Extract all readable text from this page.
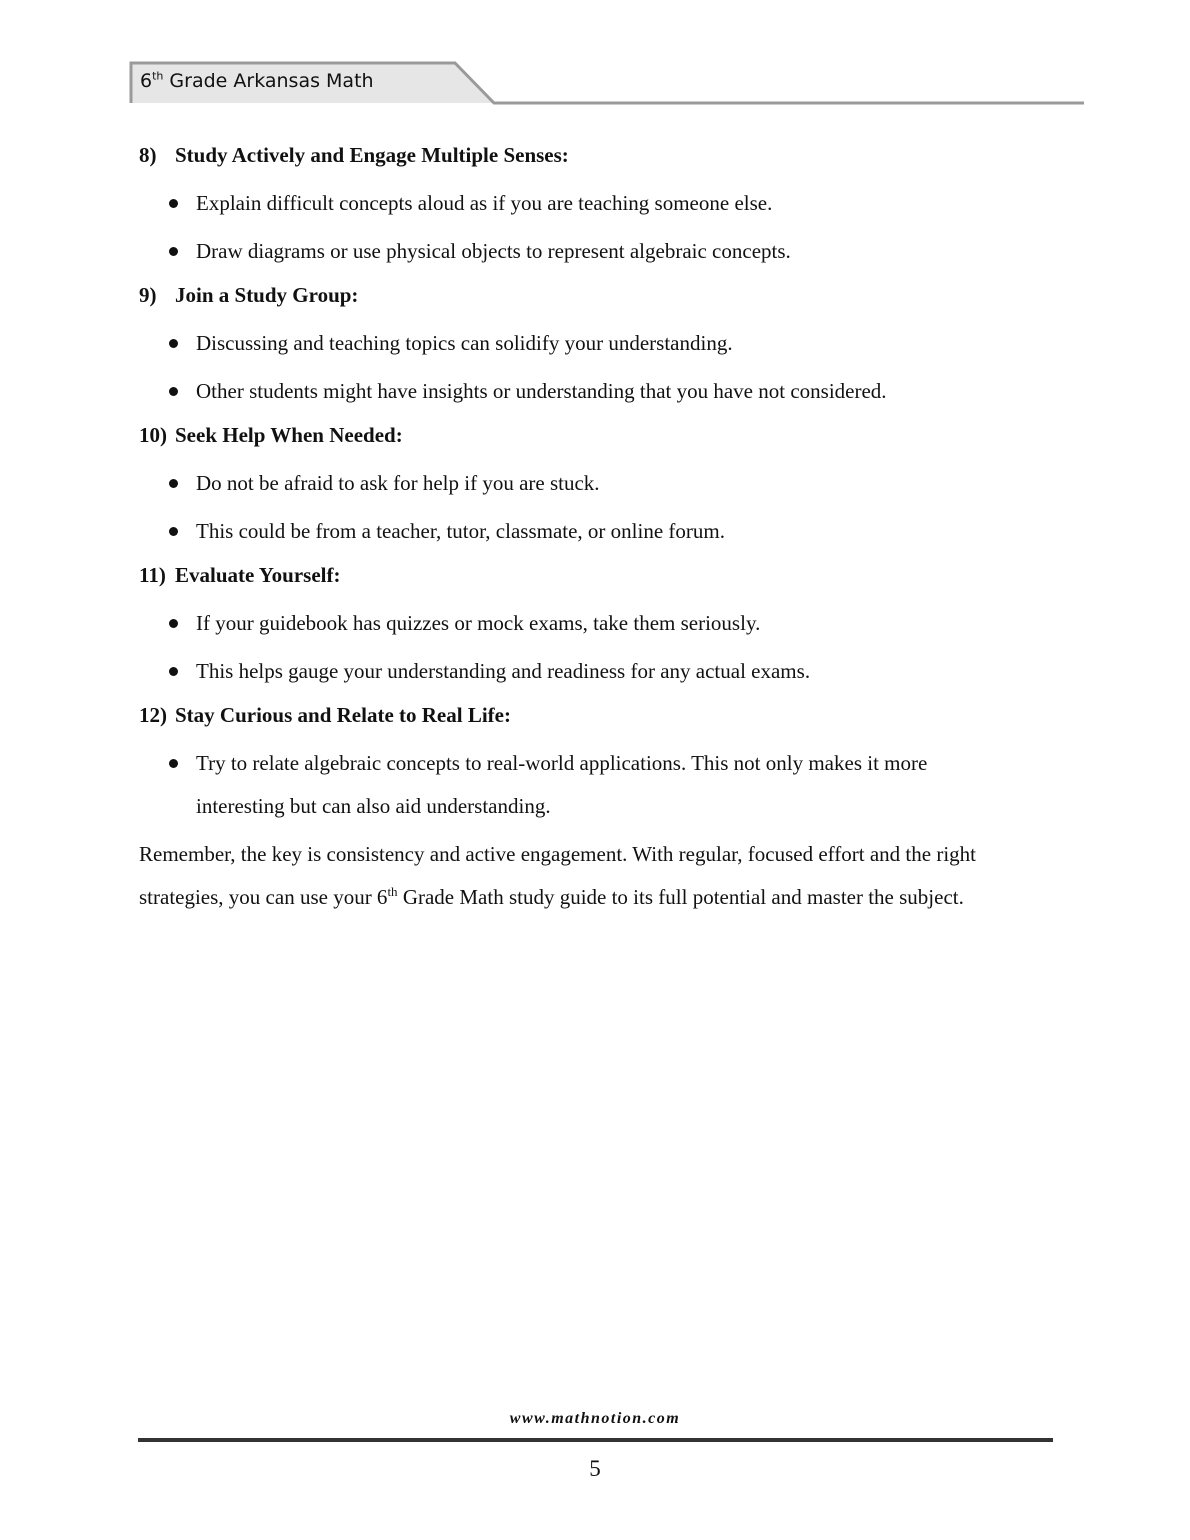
6th Grade Arkansas Math
8) Study Actively and Engage Multiple Senses:
Explain difficult concepts aloud as if you are teaching someone else.
Draw diagrams or use physical objects to represent algebraic concepts.
9) Join a Study Group:
Discussing and teaching topics can solidify your understanding.
Other students might have insights or understanding that you have not considered.
10) Seek Help When Needed:
Do not be afraid to ask for help if you are stuck.
This could be from a teacher, tutor, classmate, or online forum.
11) Evaluate Yourself:
If your guidebook has quizzes or mock exams, take them seriously.
This helps gauge your understanding and readiness for any actual exams.
12) Stay Curious and Relate to Real Life:
Try to relate algebraic concepts to real-world applications. This not only makes it more interesting but can also aid understanding.
Remember, the key is consistency and active engagement. With regular, focused effort and the right strategies, you can use your 6th Grade Math study guide to its full potential and master the subject.
www.mathnotion.com
5
